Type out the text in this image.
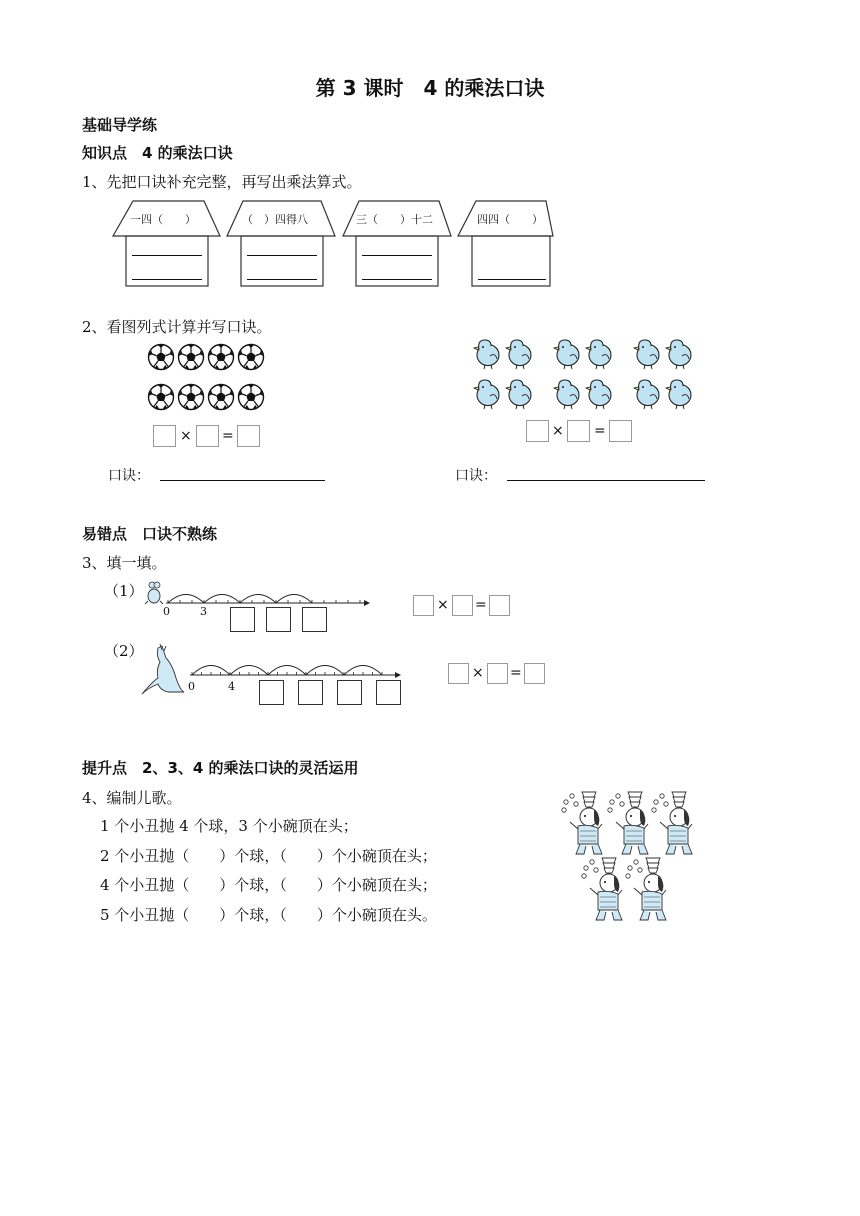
第 3 课时　4 的乘法口诀
基础导学练
知识点　4 的乘法口诀
1、先把口诀补充完整，再写出乘法算式。
一四（　　）	（　）四得八	三（　　）十二	四四（　　）
2、看图列式计算并写口诀。
× =	× =
口诀：	口诀：
易错点　口诀不熟练
3、填一填。
（1）
0	3	× =
（2）
0	4
× =
提升点　2、3、4 的乘法口诀的灵活运用
4、编制儿歌。
1 个小丑抛 4 个球，3 个小碗顶在头；
2 个小丑抛（　　）个球，（　　）个小碗顶在头；
4 个小丑抛（　　）个球，（　　）个小碗顶在头；
5 个小丑抛（　　）个球，（　　）个小碗顶在头。
